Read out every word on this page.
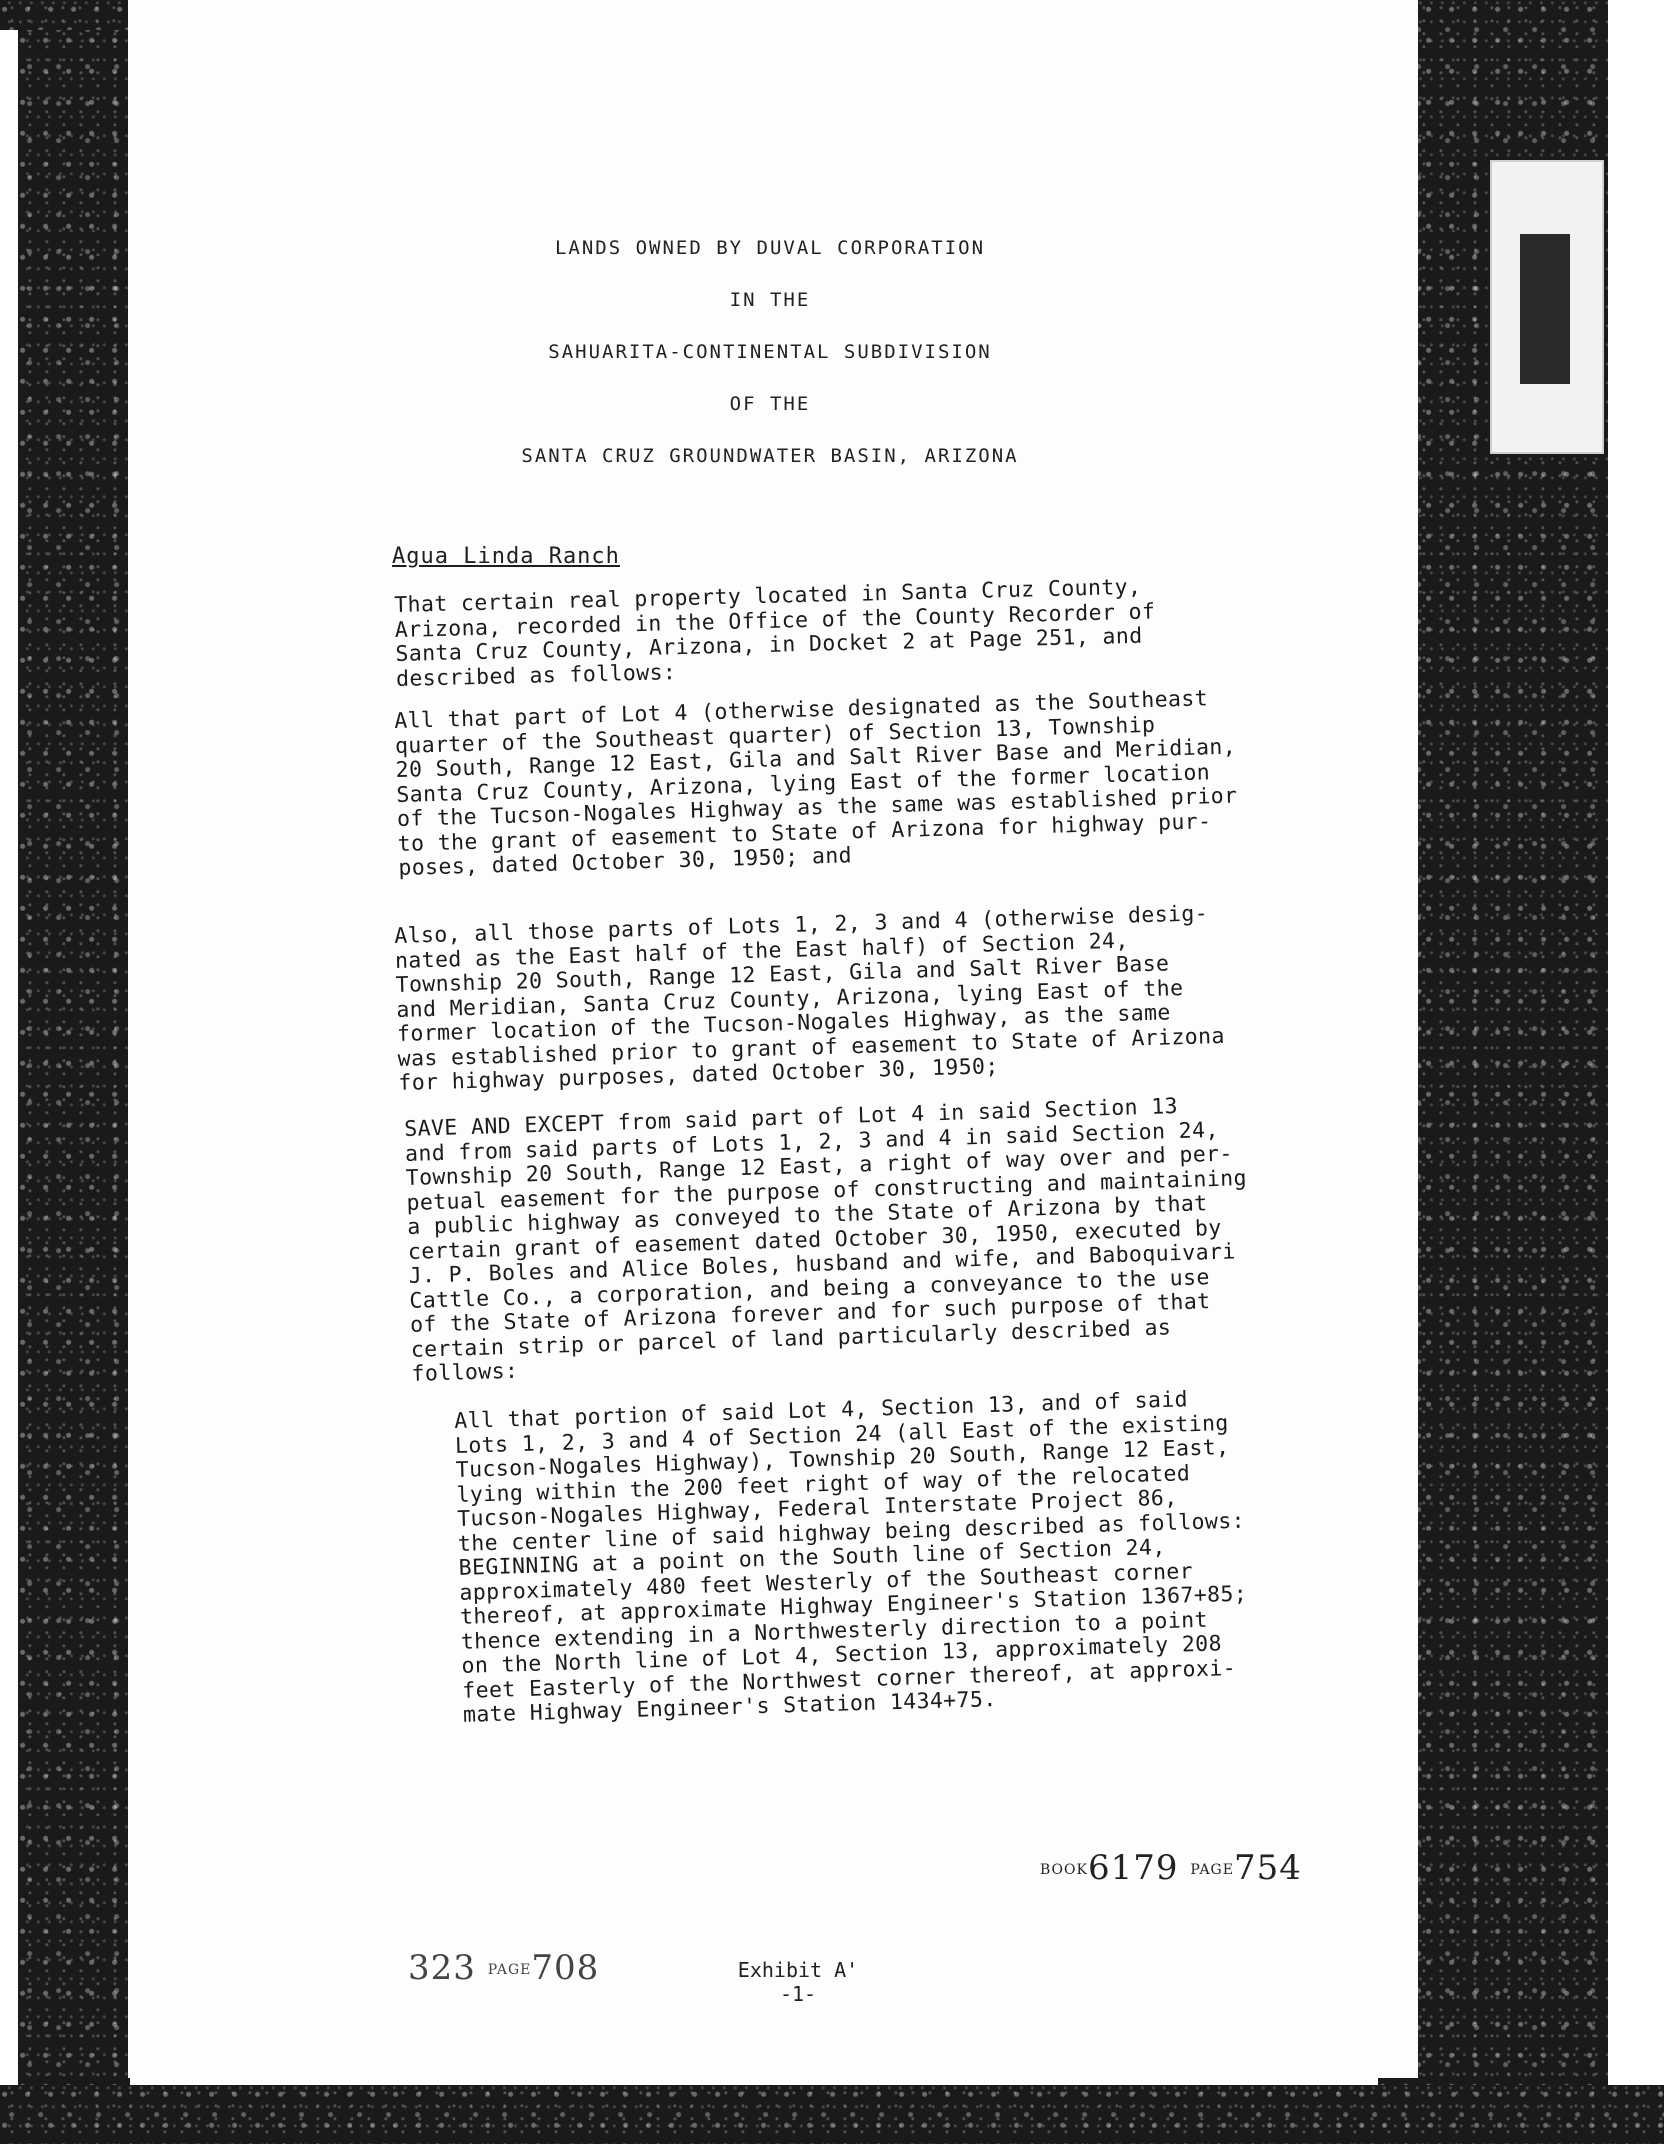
LANDS OWNED BY DUVAL CORPORATION
IN THE
SAHUARITA-CONTINENTAL SUBDIVISION
OF THE
SANTA CRUZ GROUNDWATER BASIN, ARIZONA
Agua Linda Ranch
That certain real property located in Santa Cruz County,
Arizona, recorded in the Office of the County Recorder of
Santa Cruz County, Arizona, in Docket 2 at Page 251, and
described as follows:
All that part of Lot 4 (otherwise designated as the Southeast
quarter of the Southeast quarter) of Section 13, Township
20 South, Range 12 East, Gila and Salt River Base and Meridian,
Santa Cruz County, Arizona, lying East of the former location
of the Tucson-Nogales Highway as the same was established prior
to the grant of easement to State of Arizona for highway pur-
poses, dated October 30, 1950; and
Also, all those parts of Lots 1, 2, 3 and 4 (otherwise desig-
nated as the East half of the East half) of Section 24,
Township 20 South, Range 12 East, Gila and Salt River Base
and Meridian, Santa Cruz County, Arizona, lying East of the
former location of the Tucson-Nogales Highway, as the same
was established prior to grant of easement to State of Arizona
for highway purposes, dated October 30, 1950;
SAVE AND EXCEPT from said part of Lot 4 in said Section 13
and from said parts of Lots 1, 2, 3 and 4 in said Section 24,
Township 20 South, Range 12 East, a right of way over and per-
petual easement for the purpose of constructing and maintaining
a public highway as conveyed to the State of Arizona by that
certain grant of easement dated October 30, 1950, executed by
J. P. Boles and Alice Boles, husband and wife, and Baboquivari
Cattle Co., a corporation, and being a conveyance to the use
of the State of Arizona forever and for such purpose of that
certain strip or parcel of land particularly described as
follows:
All that portion of said Lot 4, Section 13, and of said
Lots 1, 2, 3 and 4 of Section 24 (all East of the existing
Tucson-Nogales Highway), Township 20 South, Range 12 East,
lying within the 200 feet right of way of the relocated
Tucson-Nogales Highway, Federal Interstate Project 86,
the center line of said highway being described as follows:
BEGINNING at a point on the South line of Section 24,
approximately 480 feet Westerly of the Southeast corner
thereof, at approximate Highway Engineer's Station 1367+85;
thence extending in a Northwesterly direction to a point
on the North line of Lot 4, Section 13, approximately 208
feet Easterly of the Northwest corner thereof, at approxi-
mate Highway Engineer's Station 1434+75.
BOOK6179 PAGE754
323 PAGE708	Exhibit A'
-1-
